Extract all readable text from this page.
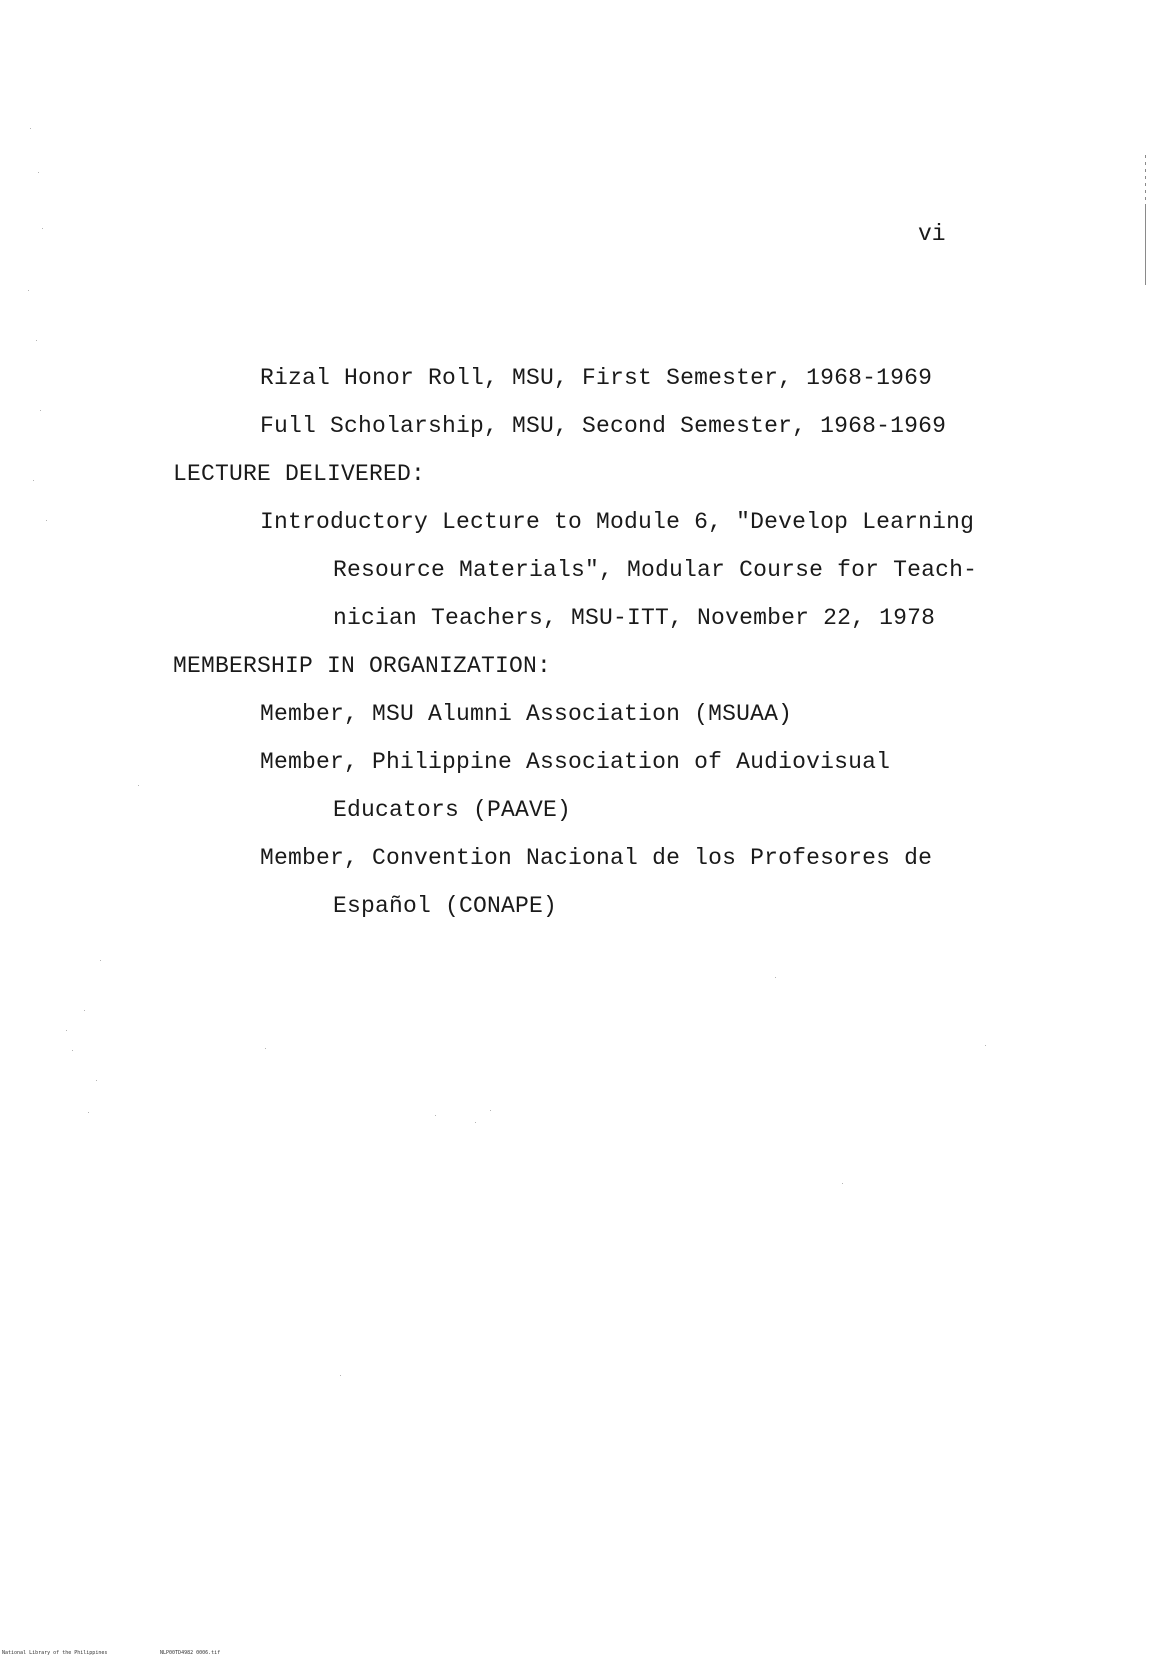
vi
Rizal Honor Roll, MSU, First Semester, 1968-1969
Full Scholarship, MSU, Second Semester, 1968-1969
LECTURE DELIVERED:
Introductory Lecture to Module 6, "Develop Learning
Resource Materials", Modular Course for Teach-
nician Teachers, MSU-ITT, November 22, 1978
MEMBERSHIP IN ORGANIZATION:
Member, MSU Alumni Association (MSUAA)
Member, Philippine Association of Audiovisual
Educators (PAAVE)
Member, Convention Nacional de los Profesores de
Español (CONAPE)
National Library of the Philippines	NLP00TD4982 0006.tif
